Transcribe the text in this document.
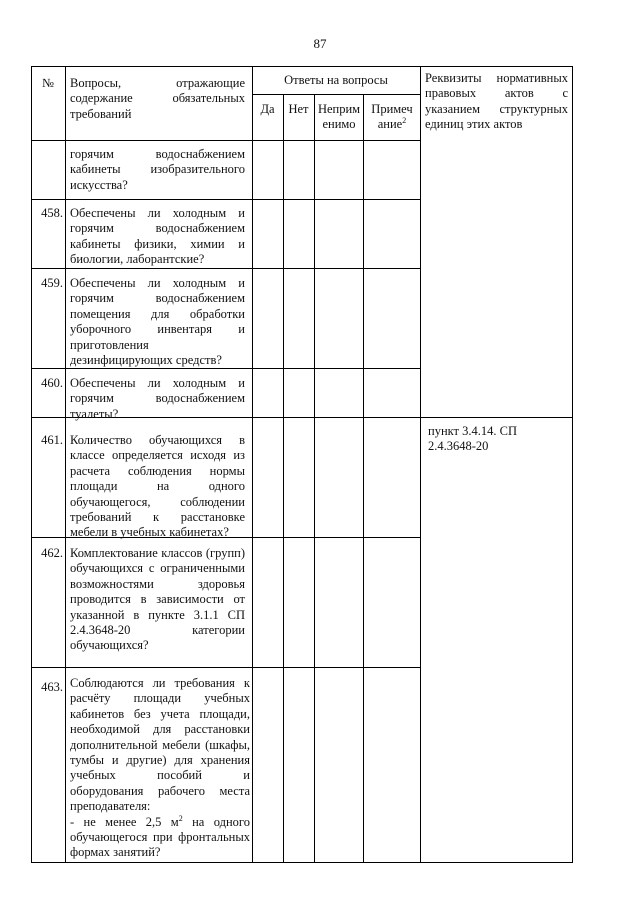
87
№	Вопросы, отражающие содержание обязательных требований
Ответы на вопросы
Да	Нет Неприм енимо
Примеч ание$^2$
Реквизиты нормативных правовых актов с указанием структурных единиц этих актов
горячим водоснабжением кабинеты изобразительного искусства?
458. Обеспечены ли холодным и горячим водоснабжением кабинеты физики, химии и биологии, лаборантские?
459. Обеспечены ли холодным и горячим водоснабжением помещения для обработки уборочного инвентаря и приготовления дезинфицирующих средств?
460. Обеспечены ли холодным и горячим водоснабжением туалеты?
461. Количество обучающихся в классе определяется исходя из расчета соблюдения нормы площади на одного обучающегося, соблюдении требований к расстановке мебели в учебных кабинетах?
пункт 3.4.14. СП 2.4.3648-20
462. Комплектование классов (групп) обучающихся с ограниченными возможностями здоровья проводится в зависимости от указанной в пункте 3.1.1 СП 2.4.3648-20 категории обучающихся?
463. Соблюдаются ли требования к расчёту площади учебных кабинетов без учета площади, необходимой для расстановки дополнительной мебели (шкафы, тумбы и другие) для хранения учебных пособий и оборудования рабочего места преподавателя:
- не менее 2,5 $м^2$ на одного обучающегося при фронтальных формах занятий?
